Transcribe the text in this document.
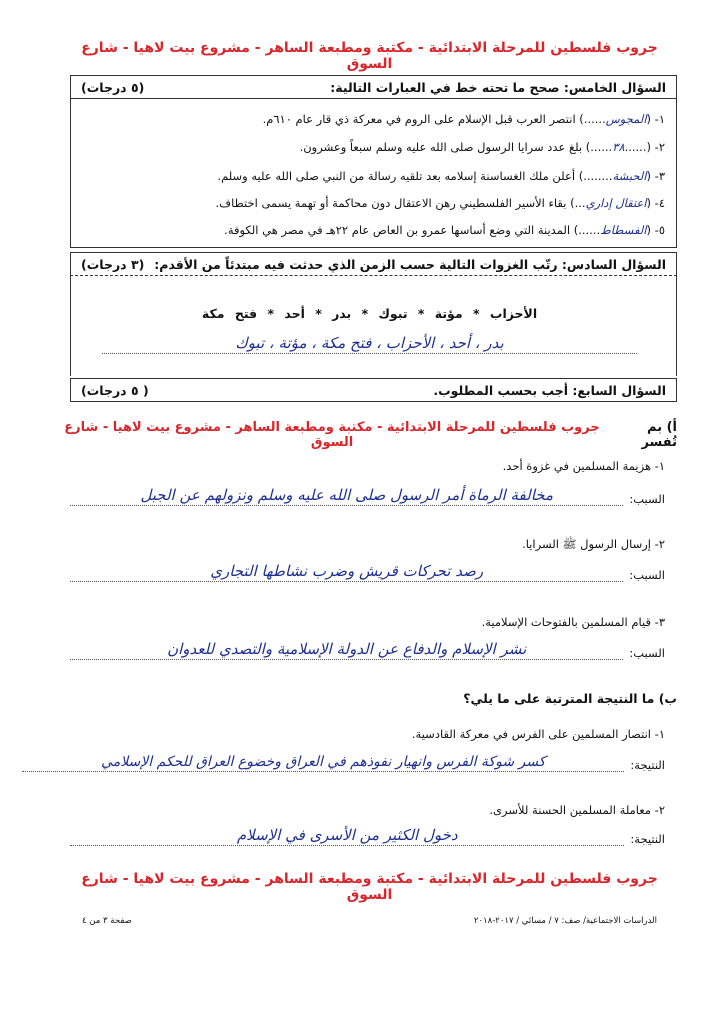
جروب فلسطين للمرحلة الابتدائية - مكتبة ومطبعة الساهر - مشروع بيت لاهيا - شارع السوق
السؤال الخامس: صحح ما تحته خط في العبارات التالية:
(٥ درجات)
١- (المجوس......) انتصر العرب قبل الإسلام على الروم في معركة ذي قار عام ٦١٠م.
٢- (......٣٨......) بلغ عدد سرايا الرسول صلى الله عليه وسلم سبعاً وعشرون.
٣- (الحبشة........) أعلن ملك الغساسنة إسلامه بعد تلقيه رسالة من النبي صلى الله عليه وسلم.
٤- (اعتقال إداري...) بقاء الأسير الفلسطيني رهن الاعتقال دون محاكمة أو تهمة يسمى اختطاف.
٥- (الفسطاط......) المدينة التي وضع أساسها عمرو بن العاص عام ٢٢هـ في مصر هي الكوفة.
السؤال السادس: رتّب الغزوات التالية حسب الزمن الذي حدثت فيه مبتدئاً من الأقدم:
(٣ درجات)
الأحزاب * مؤتة * تبوك * بدر * أحد * فتح مكة
بدر ، أحد ، الأحزاب ، فتح مكة ، مؤتة ، تبوك
السؤال السابع: أجب بحسب المطلوب.
( ٥ درجات)
أ) بم تُفسر
جروب فلسطين للمرحلة الابتدائية - مكتبة ومطبعة الساهر - مشروع بيت لاهيا - شارع السوق
١- هزيمة المسلمين في غزوة أحد.
السبب:
مخالفة الرماة أمر الرسول صلى الله عليه وسلم ونزولهم عن الجبل
٢- إرسال الرسول ﷺ السرايا.
السبب:
رصد تحركات قريش وضرب نشاطها التجاري
٣- قيام المسلمين بالفتوحات الإسلامية.
السبب:
نشر الإسلام والدفاع عن الدولة الإسلامية والتصدي للعدوان
ب) ما النتيجة المترتبة على ما يلي؟
١- انتصار المسلمين على الفرس في معركة القادسية.
النتيجة:
كسر شوكة الفرس وانهيار نفوذهم في العراق وخضوع العراق للحكم الإسلامي
٢- معاملة المسلمين الحسنة للأسرى.
النتيجة:
دخول الكثير من الأسرى في الإسلام
جروب فلسطين للمرحلة الابتدائية - مكتبة ومطبعة الساهر - مشروع بيت لاهيا - شارع السوق
صفحة ٣ من ٤	الدراسات الاجتماعية/ صف: ٧ / مسائي / ٢٠١٧-٢٠١٨
